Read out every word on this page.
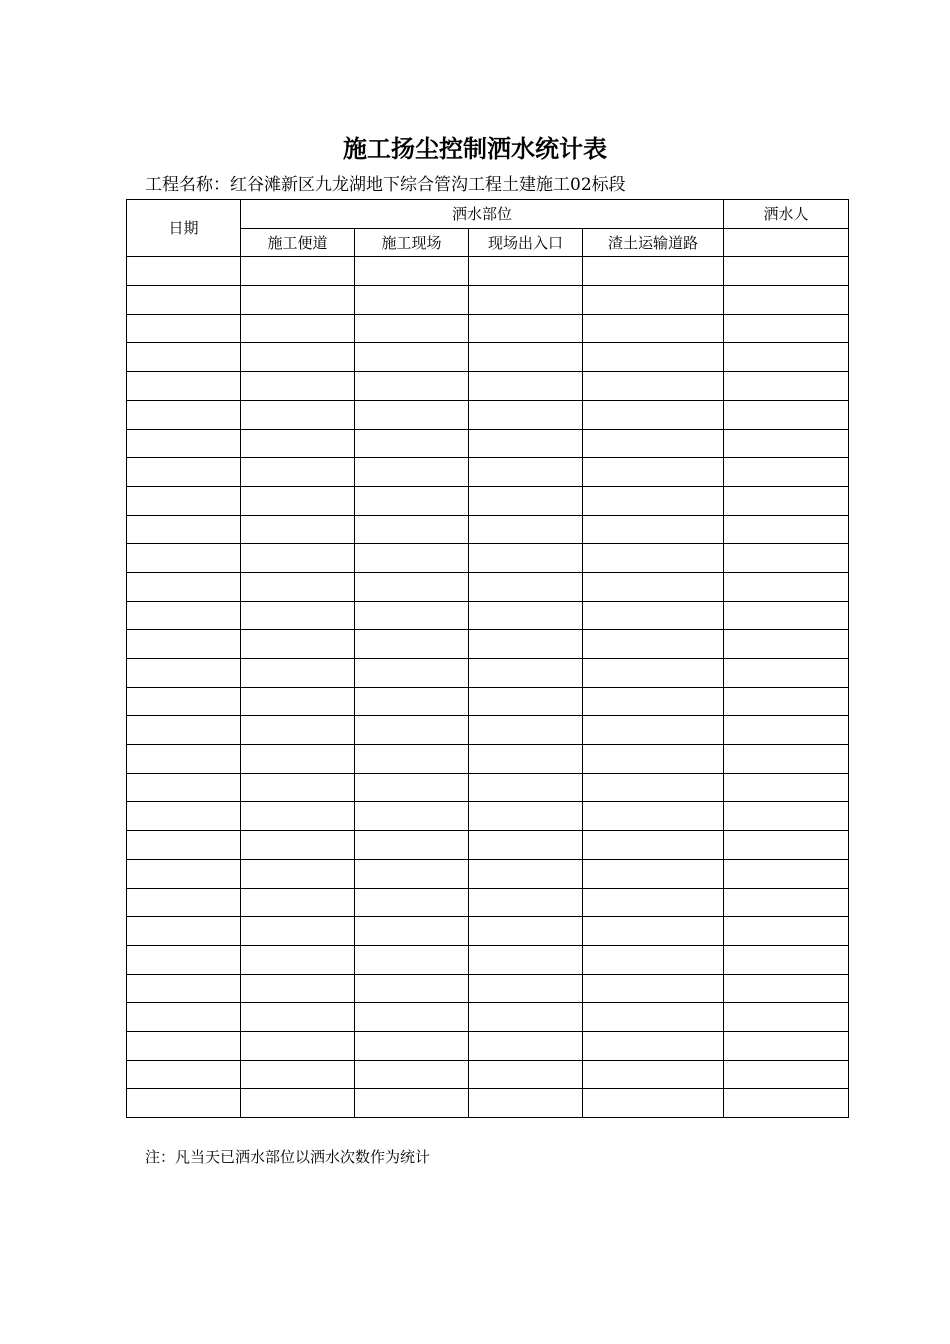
施工扬尘控制洒水统计表
工程名称：红谷滩新区九龙湖地下综合管沟工程土建施工02标段
日期	洒水部位				洒水人
	施工便道	施工现场	现场出入口	渣土运输道路	

注：凡当天已洒水部位以洒水次数作为统计
